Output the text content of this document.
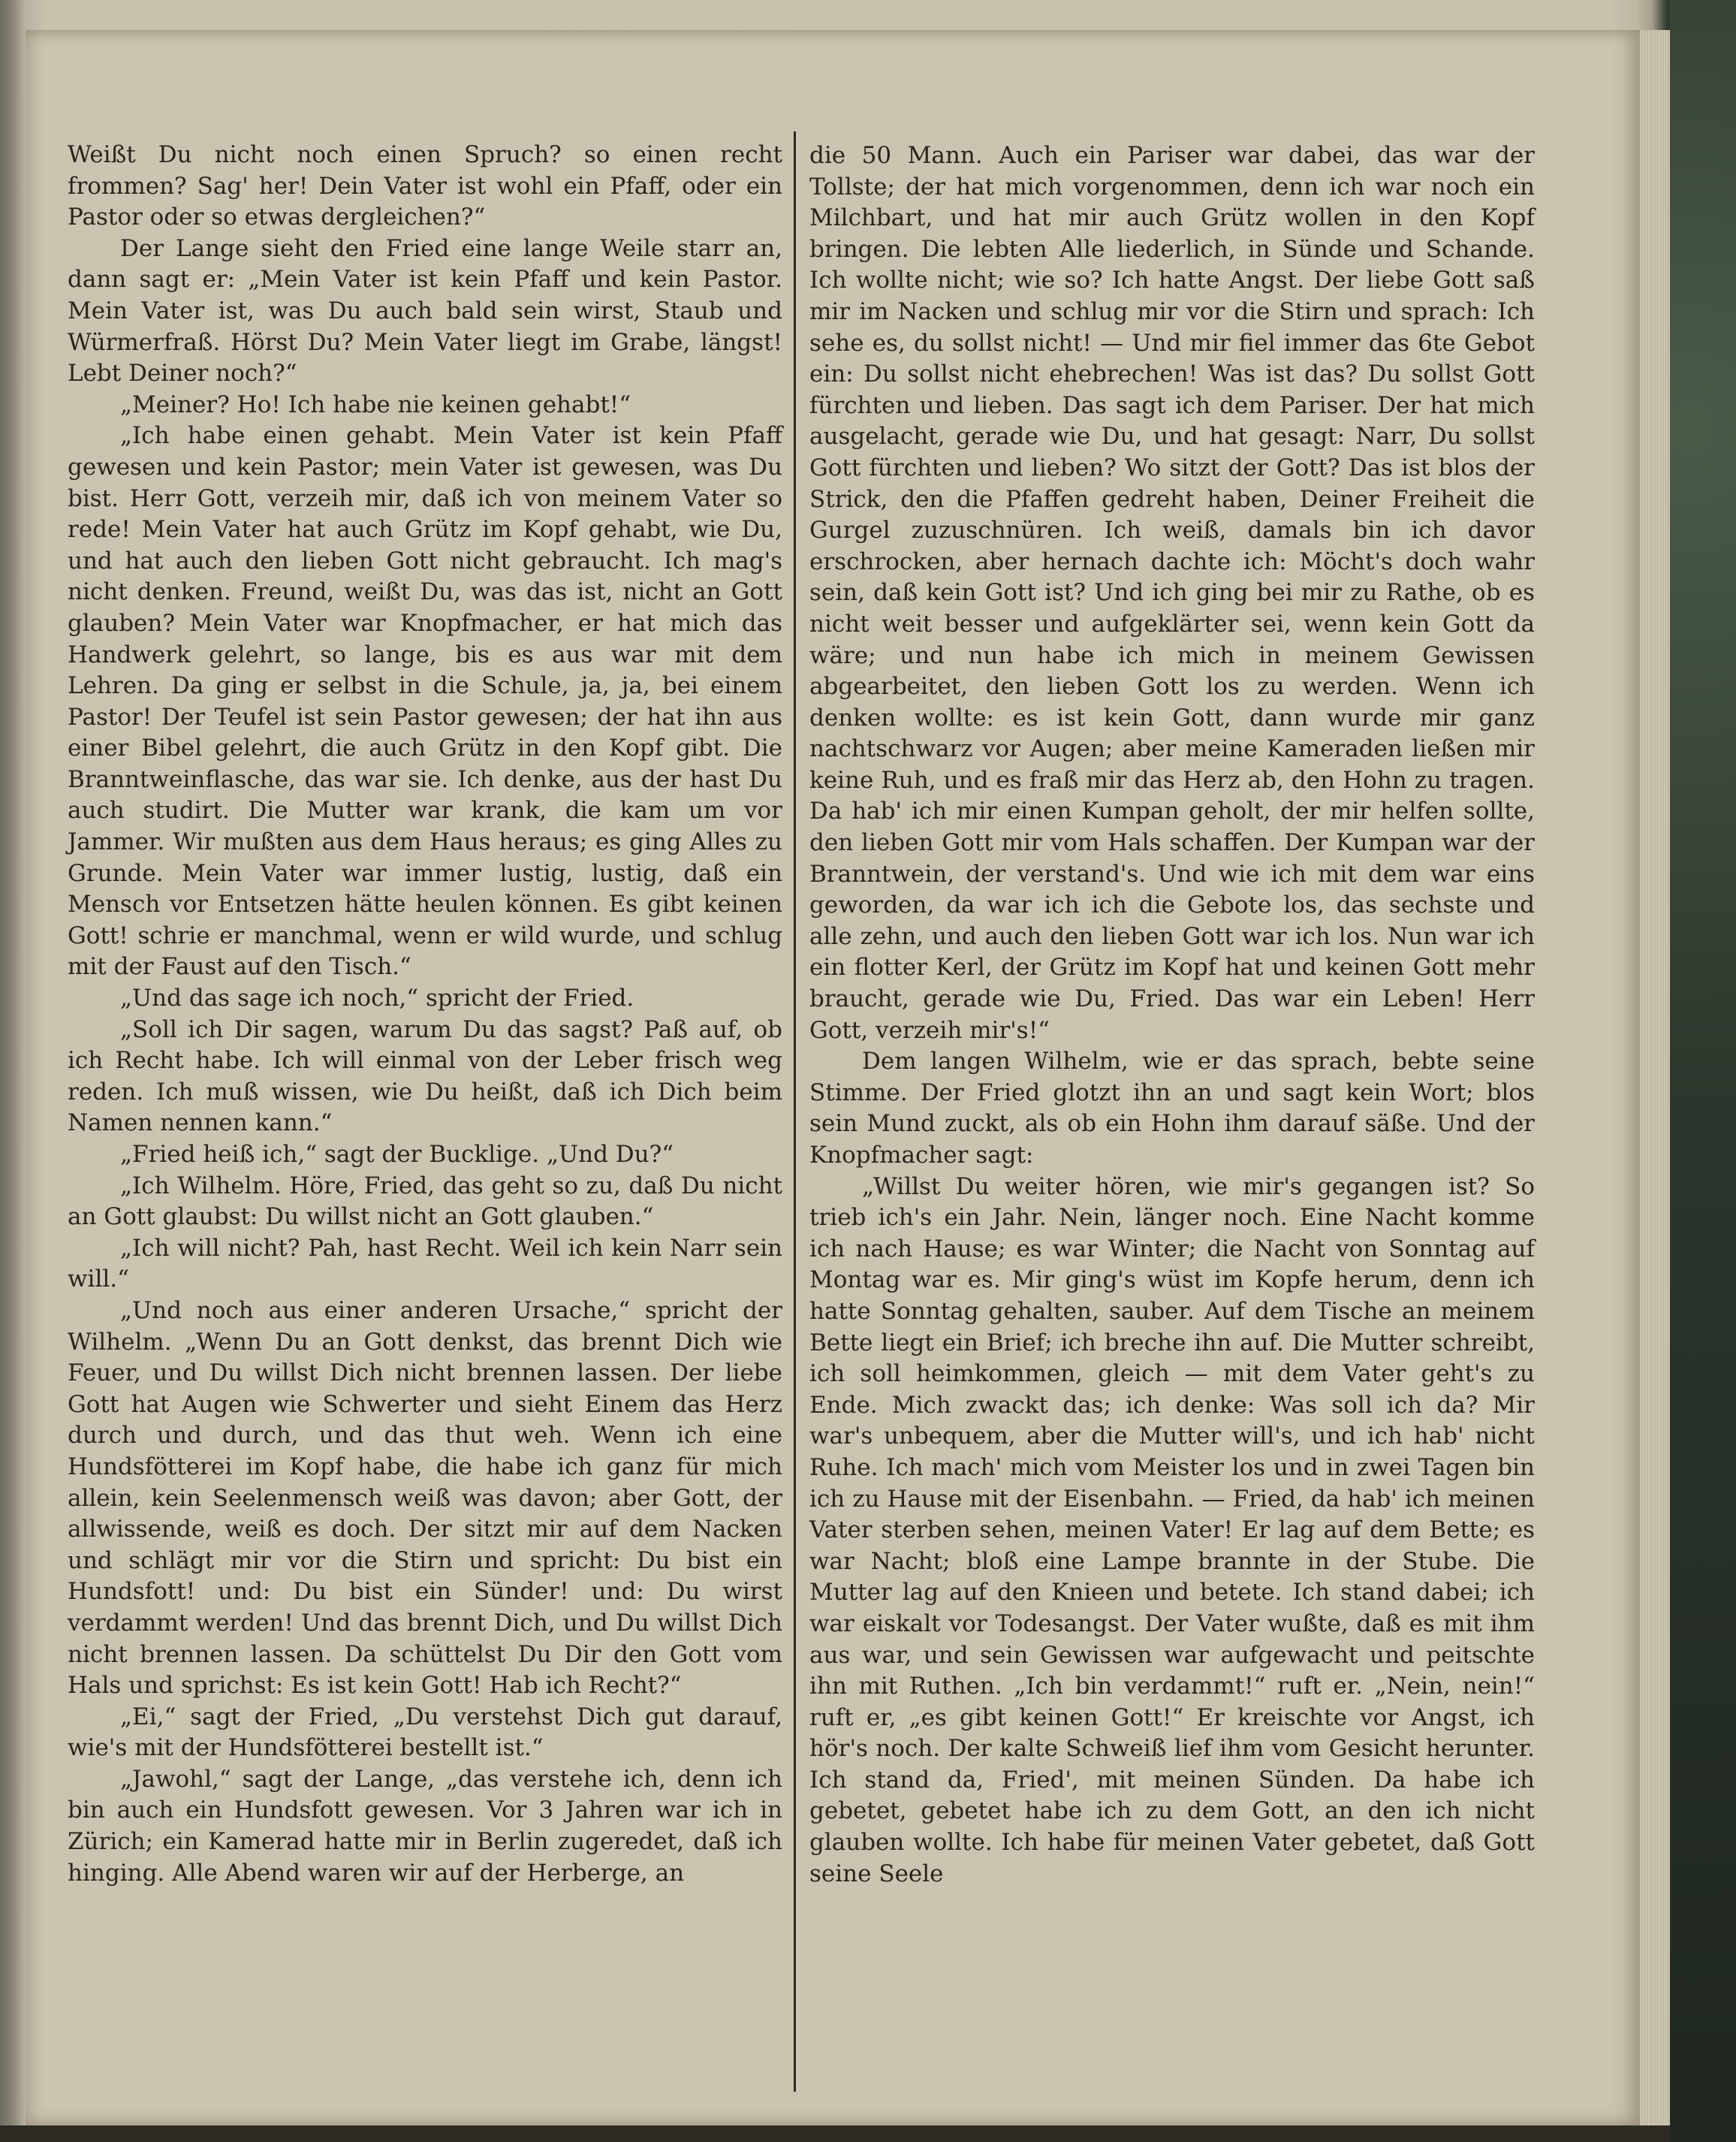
Weißt Du nicht noch einen Spruch? so einen recht frommen? Sag' her! Dein Vater ist wohl ein Pfaff, oder ein Pastor oder so etwas dergleichen?“

Der Lange sieht den Fried eine lange Weile starr an, dann sagt er: „Mein Vater ist kein Pfaff und kein Pastor. Mein Vater ist, was Du auch bald sein wirst, Staub und Würmerfraß. Hörst Du? Mein Vater liegt im Grabe, längst! Lebt Deiner noch?“

„Meiner? Ho! Ich habe nie keinen gehabt!“

„Ich habe einen gehabt. Mein Vater ist kein Pfaff gewesen und kein Pastor; mein Vater ist gewesen, was Du bist. Herr Gott, verzeih mir, daß ich von meinem Vater so rede! Mein Vater hat auch Grütz im Kopf gehabt, wie Du, und hat auch den lieben Gott nicht gebraucht. Ich mag's nicht denken. Freund, weißt Du, was das ist, nicht an Gott glauben? Mein Vater war Knopfmacher, er hat mich das Handwerk gelehrt, so lange, bis es aus war mit dem Lehren. Da ging er selbst in die Schule, ja, ja, bei einem Pastor! Der Teufel ist sein Pastor gewesen; der hat ihn aus einer Bibel gelehrt, die auch Grütz in den Kopf gibt. Die Branntweinflasche, das war sie. Ich denke, aus der hast Du auch studirt. Die Mutter war krank, die kam um vor Jammer. Wir mußten aus dem Haus heraus; es ging Alles zu Grunde. Mein Vater war immer lustig, lustig, daß ein Mensch vor Entsetzen hätte heulen können. Es gibt keinen Gott! schrie er manchmal, wenn er wild wurde, und schlug mit der Faust auf den Tisch.“

„Und das sage ich noch,“ spricht der Fried.

„Soll ich Dir sagen, warum Du das sagst? Paß auf, ob ich Recht habe. Ich will einmal von der Leber frisch weg reden. Ich muß wissen, wie Du heißt, daß ich Dich beim Namen nennen kann.“

„Fried heiß ich,“ sagt der Bucklige. „Und Du?“

„Ich Wilhelm. Höre, Fried, das geht so zu, daß Du nicht an Gott glaubst: Du willst nicht an Gott glauben.“

„Ich will nicht? Pah, hast Recht. Weil ich kein Narr sein will.“

„Und noch aus einer anderen Ursache,“ spricht der Wilhelm. „Wenn Du an Gott denkst, das brennt Dich wie Feuer, und Du willst Dich nicht brennen lassen. Der liebe Gott hat Augen wie Schwerter und sieht Einem das Herz durch und durch, und das thut weh. Wenn ich eine Hundsfötterei im Kopf habe, die habe ich ganz für mich allein, kein Seelenmensch weiß was davon; aber Gott, der allwissende, weiß es doch. Der sitzt mir auf dem Nacken und schlägt mir vor die Stirn und spricht: Du bist ein Hundsfott! und: Du bist ein Sünder! und: Du wirst verdammt werden! Und das brennt Dich, und Du willst Dich nicht brennen lassen. Da schüttelst Du Dir den Gott vom Hals und sprichst: Es ist kein Gott! Hab ich Recht?“

„Ei,“ sagt der Fried, „Du verstehst Dich gut darauf, wie's mit der Hundsfötterei bestellt ist.“

„Jawohl,“ sagt der Lange, „das verstehe ich, denn ich bin auch ein Hundsfott gewesen. Vor 3 Jahren war ich in Zürich; ein Kamerad hatte mir in Berlin zugeredet, daß ich hinging. Alle Abend waren wir auf der Herberge, an

die 50 Mann. Auch ein Pariser war dabei, das war der Tollste; der hat mich vorgenommen, denn ich war noch ein Milchbart, und hat mir auch Grütz wollen in den Kopf bringen. Die lebten Alle liederlich, in Sünde und Schande. Ich wollte nicht; wie so? Ich hatte Angst. Der liebe Gott saß mir im Nacken und schlug mir vor die Stirn und sprach: Ich sehe es, du sollst nicht! — Und mir fiel immer das 6te Gebot ein: Du sollst nicht ehebrechen! Was ist das? Du sollst Gott fürchten und lieben. Das sagt ich dem Pariser. Der hat mich ausgelacht, gerade wie Du, und hat gesagt: Narr, Du sollst Gott fürchten und lieben? Wo sitzt der Gott? Das ist blos der Strick, den die Pfaffen gedreht haben, Deiner Freiheit die Gurgel zuzuschnüren. Ich weiß, damals bin ich davor erschrocken, aber hernach dachte ich: Möcht's doch wahr sein, daß kein Gott ist? Und ich ging bei mir zu Rathe, ob es nicht weit besser und aufgeklärter sei, wenn kein Gott da wäre; und nun habe ich mich in meinem Gewissen abgearbeitet, den lieben Gott los zu werden. Wenn ich denken wollte: es ist kein Gott, dann wurde mir ganz nachtschwarz vor Augen; aber meine Kameraden ließen mir keine Ruh, und es fraß mir das Herz ab, den Hohn zu tragen. Da hab' ich mir einen Kumpan geholt, der mir helfen sollte, den lieben Gott mir vom Hals schaffen. Der Kumpan war der Branntwein, der verstand's. Und wie ich mit dem war eins geworden, da war ich ich die Gebote los, das sechste und alle zehn, und auch den lieben Gott war ich los. Nun war ich ein flotter Kerl, der Grütz im Kopf hat und keinen Gott mehr braucht, gerade wie Du, Fried. Das war ein Leben! Herr Gott, verzeih mir's!“

Dem langen Wilhelm, wie er das sprach, bebte seine Stimme. Der Fried glotzt ihn an und sagt kein Wort; blos sein Mund zuckt, als ob ein Hohn ihm darauf säße. Und der Knopfmacher sagt:

„Willst Du weiter hören, wie mir's gegangen ist? So trieb ich's ein Jahr. Nein, länger noch. Eine Nacht komme ich nach Hause; es war Winter; die Nacht von Sonntag auf Montag war es. Mir ging's wüst im Kopfe herum, denn ich hatte Sonntag gehalten, sauber. Auf dem Tische an meinem Bette liegt ein Brief; ich breche ihn auf. Die Mutter schreibt, ich soll heimkommen, gleich — mit dem Vater geht's zu Ende. Mich zwackt das; ich denke: Was soll ich da? Mir war's unbequem, aber die Mutter will's, und ich hab' nicht Ruhe. Ich mach' mich vom Meister los und in zwei Tagen bin ich zu Hause mit der Eisenbahn. — Fried, da hab' ich meinen Vater sterben sehen, meinen Vater! Er lag auf dem Bette; es war Nacht; bloß eine Lampe brannte in der Stube. Die Mutter lag auf den Knieen und betete. Ich stand dabei; ich war eiskalt vor Todesangst. Der Vater wußte, daß es mit ihm aus war, und sein Gewissen war aufgewacht und peitschte ihn mit Ruthen. „Ich bin verdammt!“ ruft er. „Nein, nein!“ ruft er, „es gibt keinen Gott!“ Er kreischte vor Angst, ich hör's noch. Der kalte Schweiß lief ihm vom Gesicht herunter. Ich stand da, Fried', mit meinen Sünden. Da habe ich gebetet, gebetet habe ich zu dem Gott, an den ich nicht glauben wollte. Ich habe für meinen Vater gebetet, daß Gott seine Seele
